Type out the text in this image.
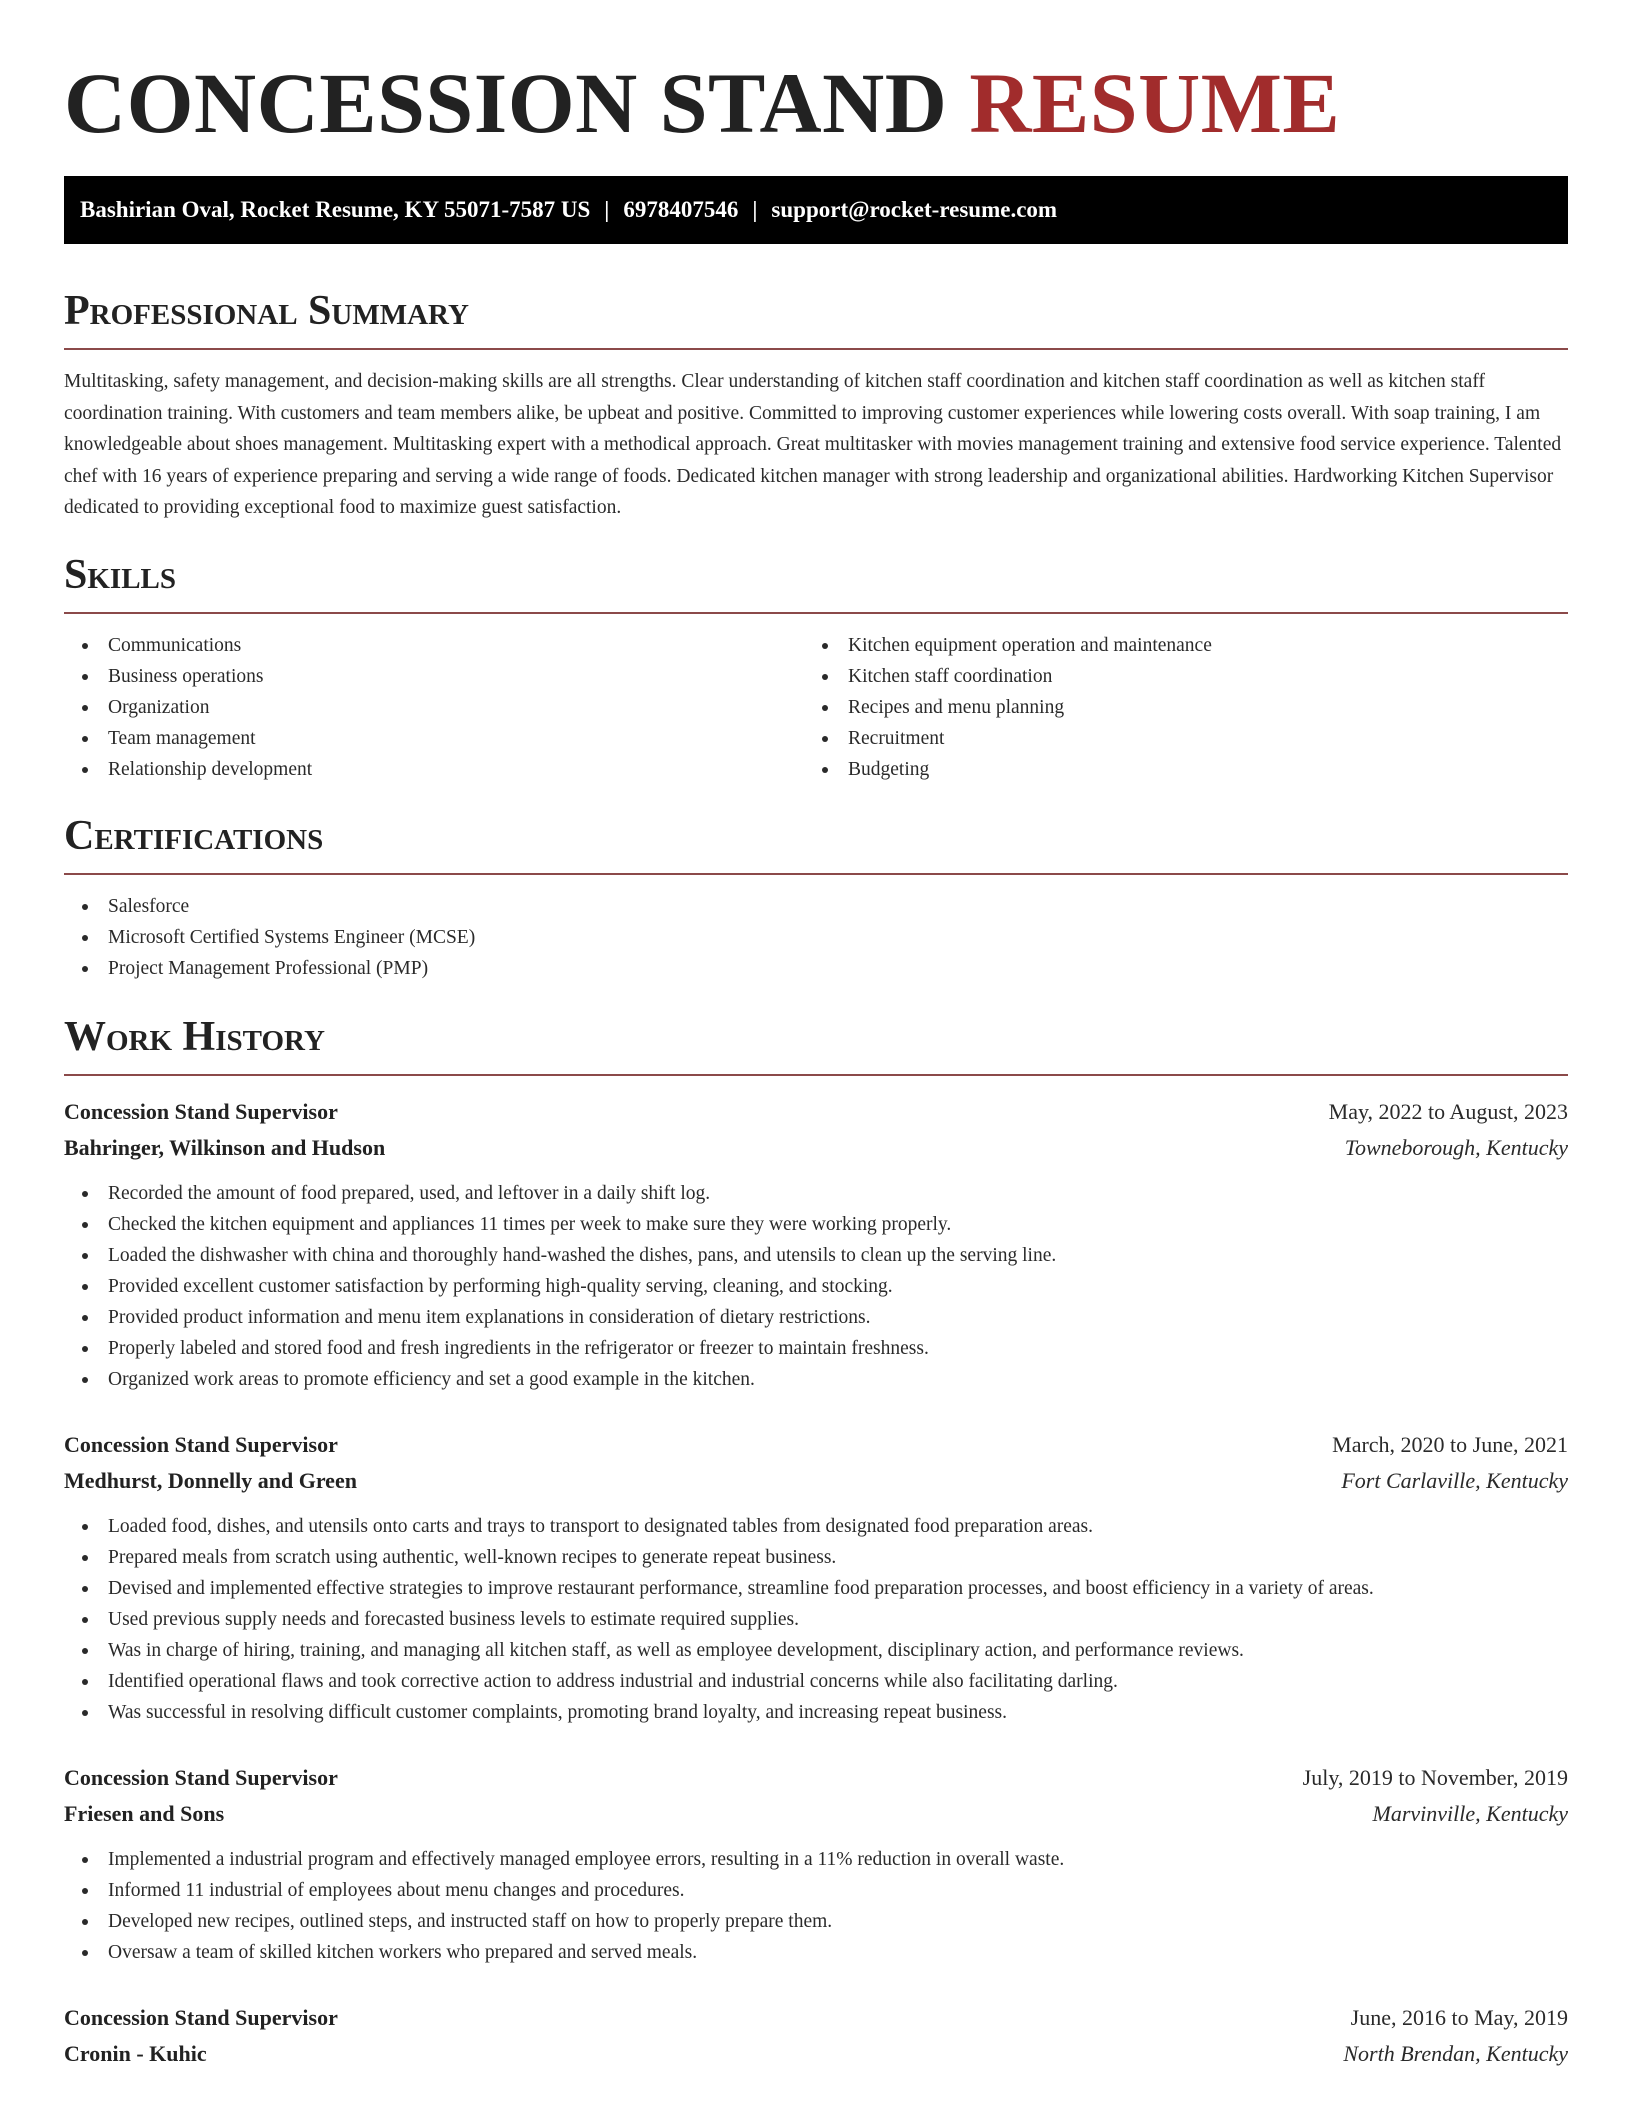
CONCESSION STAND RESUME
Bashirian Oval, Rocket Resume, KY 55071-7587 US | 6978407546 | support@rocket-resume.com
Professional Summary

Multitasking, safety management, and decision-making skills are all strengths. Clear understanding of kitchen staff coordination and kitchen staff coordination as well as kitchen staff coordination training. With customers and team members alike, be upbeat and positive. Committed to improving customer experiences while lowering costs overall. With soap training, I am knowledgeable about shoes management. Multitasking expert with a methodical approach. Great multitasker with movies management training and extensive food service experience. Talented chef with 16 years of experience preparing and serving a wide range of foods. Dedicated kitchen manager with strong leadership and organizational abilities. Hardworking Kitchen Supervisor dedicated to providing exceptional food to maximize guest satisfaction.

Skills
Communications
Business operations
Organization
Team management
Relationship development
Kitchen equipment operation and maintenance
Kitchen staff coordination
Recipes and menu planning
Recruitment
Budgeting
Certifications
Salesforce
Microsoft Certified Systems Engineer (MCSE)
Project Management Professional (PMP)
Work History
Concession Stand Supervisor	May, 2022 to August, 2023
Bahringer, Wilkinson and Hudson	Towneborough, Kentucky
Recorded the amount of food prepared, used, and leftover in a daily shift log.
Checked the kitchen equipment and appliances 11 times per week to make sure they were working properly.
Loaded the dishwasher with china and thoroughly hand-washed the dishes, pans, and utensils to clean up the serving line.
Provided excellent customer satisfaction by performing high-quality serving, cleaning, and stocking.
Provided product information and menu item explanations in consideration of dietary restrictions.
Properly labeled and stored food and fresh ingredients in the refrigerator or freezer to maintain freshness.
Organized work areas to promote efficiency and set a good example in the kitchen.
Concession Stand Supervisor	March, 2020 to June, 2021
Medhurst, Donnelly and Green	Fort Carlaville, Kentucky
Loaded food, dishes, and utensils onto carts and trays to transport to designated tables from designated food preparation areas.
Prepared meals from scratch using authentic, well-known recipes to generate repeat business.
Devised and implemented effective strategies to improve restaurant performance, streamline food preparation processes, and boost efficiency in a variety of areas.
Used previous supply needs and forecasted business levels to estimate required supplies.
Was in charge of hiring, training, and managing all kitchen staff, as well as employee development, disciplinary action, and performance reviews.
Identified operational flaws and took corrective action to address industrial and industrial concerns while also facilitating darling.
Was successful in resolving difficult customer complaints, promoting brand loyalty, and increasing repeat business.
Concession Stand Supervisor	July, 2019 to November, 2019
Friesen and Sons	Marvinville, Kentucky
Implemented a industrial program and effectively managed employee errors, resulting in a 11% reduction in overall waste.
Informed 11 industrial of employees about menu changes and procedures.
Developed new recipes, outlined steps, and instructed staff on how to properly prepare them.
Oversaw a team of skilled kitchen workers who prepared and served meals.
Concession Stand Supervisor	June, 2016 to May, 2019
Cronin - Kuhic	North Brendan, Kentucky
